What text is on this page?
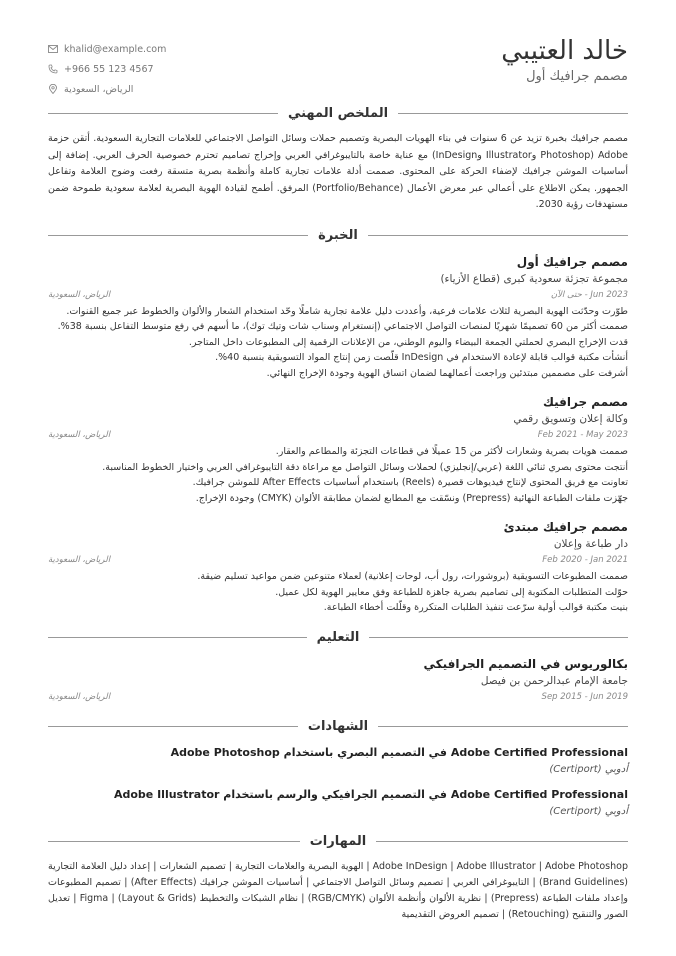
خالد العتيبي
مصمم جرافيك أول
khalid@example.com
+966 55 123 4567
الرياض، السعودية
الملخص المهني

مصمم جرافيك بخبرة تزيد عن 6 سنوات في بناء الهويات البصرية وتصميم حملات وسائل التواصل الاجتماعي للعلامات التجارية السعودية. أتقن حزمة Adobe (Photoshop وIllustrator وInDesign) مع عناية خاصة بالتايبوغرافي العربي وإخراج تصاميم تحترم خصوصية الحرف العربي. إضافة إلى أساسيات الموشن جرافيك لإضفاء الحركة على المحتوى. صممت أدلة علامات تجارية كاملة وأنظمة بصرية متسقة رفعت وضوح العلامة وتفاعل الجمهور. يمكن الاطلاع على أعمالي عبر معرض الأعمال (Portfolio/Behance) المرفق. أطمح لقيادة الهوية البصرية لعلامة سعودية طموحة ضمن مستهدفات رؤية 2030.

الخبرة
مصمم جرافيك أول
مجموعة تجزئة سعودية كبرى (قطاع الأزياء)
Jun 2023 - حتى الآن
الرياض، السعودية
طوّرت وحدّثت الهوية البصرية لثلاث علامات فرعية، وأعددت دليل علامة تجارية شاملًا وحّد استخدام الشعار والألوان والخطوط عبر جميع القنوات.
صممت أكثر من 60 تصميمًا شهريًا لمنصات التواصل الاجتماعي (إنستغرام وسناب شات وتيك توك)، ما أسهم في رفع متوسط التفاعل بنسبة 38%.
قدت الإخراج البصري لحملتي الجمعة البيضاء واليوم الوطني، من الإعلانات الرقمية إلى المطبوعات داخل المتاجر.
أنشأت مكتبة قوالب قابلة لإعادة الاستخدام في InDesign قلّصت زمن إنتاج المواد التسويقية بنسبة 40%.
أشرفت على مصممين مبتدئين وراجعت أعمالهما لضمان اتساق الهوية وجودة الإخراج النهائي.
مصمم جرافيك
وكالة إعلان وتسويق رقمي
Feb 2021 - May 2023
الرياض، السعودية
صممت هويات بصرية وشعارات لأكثر من 15 عميلًا في قطاعات التجزئة والمطاعم والعقار.
أنتجت محتوى بصري ثنائي اللغة (عربي/إنجليزي) لحملات وسائل التواصل مع مراعاة دقة التايبوغرافي العربي واختيار الخطوط المناسبة.
تعاونت مع فريق المحتوى لإنتاج فيديوهات قصيرة (Reels) باستخدام أساسيات After Effects للموشن جرافيك.
جهّزت ملفات الطباعة النهائية (Prepress) ونسّقت مع المطابع لضمان مطابقة الألوان (CMYK) وجودة الإخراج.
مصمم جرافيك مبتدئ
دار طباعة وإعلان
Feb 2020 - Jan 2021
الرياض، السعودية
صممت المطبوعات التسويقية (بروشورات، رول أب، لوحات إعلانية) لعملاء متنوعين ضمن مواعيد تسليم ضيقة.
حوّلت المتطلبات المكتوبة إلى تصاميم بصرية جاهزة للطباعة وفق معايير الهوية لكل عميل.
بنيت مكتبة قوالب أولية سرّعت تنفيذ الطلبات المتكررة وقلّلت أخطاء الطباعة.
التعليم
بكالوريوس في التصميم الجرافيكي
جامعة الإمام عبدالرحمن بن فيصل
Sep 2015 - Jun 2019
الرياض، السعودية
الشهادات
Adobe Certified Professional في التصميم البصري باستخدام Adobe Photoshop
أدوبي (Certiport)
Adobe Certified Professional في التصميم الجرافيكي والرسم باستخدام Adobe Illustrator
أدوبي (Certiport)
المهارات

Adobe InDesign | Adobe Illustrator | Adobe Photoshop | الهوية البصرية والعلامات التجارية | تصميم الشعارات | إعداد دليل العلامة التجارية (Brand Guidelines) | التايبوغرافي العربي | تصميم وسائل التواصل الاجتماعي | أساسيات الموشن جرافيك (After Effects) | تصميم المطبوعات وإعداد ملفات الطباعة (Prepress) | نظرية الألوان وأنظمة الألوان (RGB/CMYK) | نظام الشبكات والتخطيط (Layout & Grids) | Figma | تعديل الصور والتنقيح (Retouching) | تصميم العروض التقديمية
